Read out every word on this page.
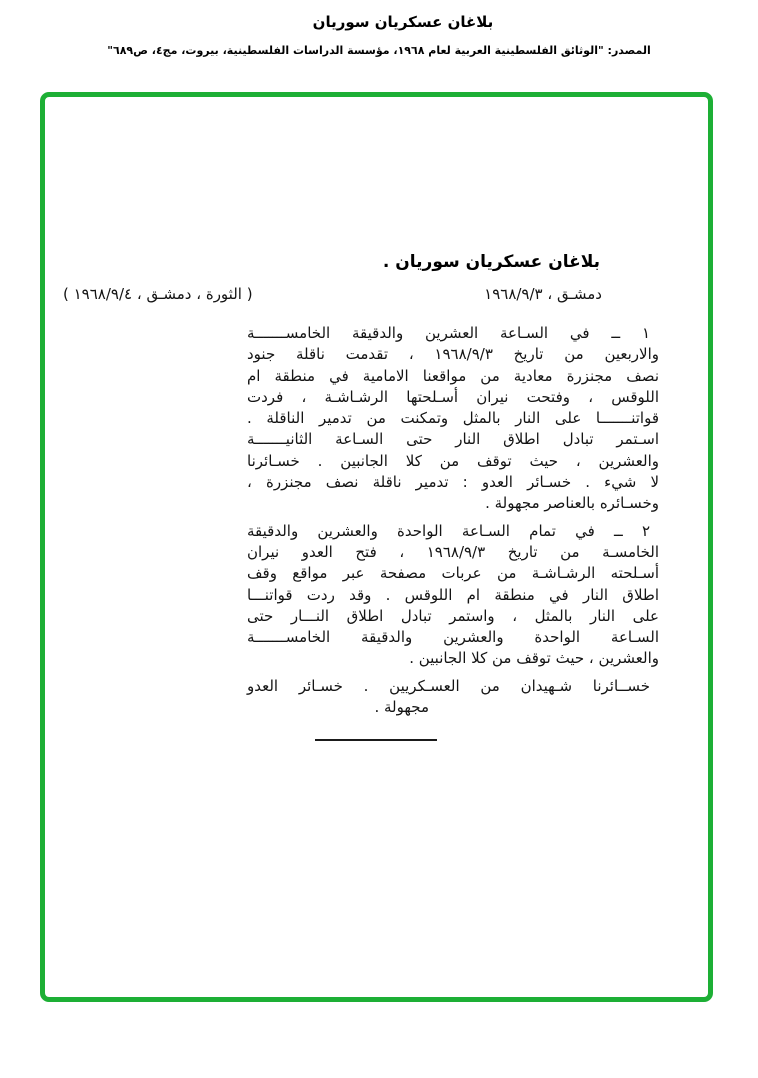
بلاغان عسكريان سوريان
المصدر: "الوثائق الفلسطينية العربية لعام ١٩٦٨، مؤسسة الدراسات الفلسطينية، بيروت، مج٤، ص٦٨٩"
بلاغان عسكريان سوريان .
دمشـق ، ١٩٦٨/٩/٣
( الثورة ، دمشـق ، ١٩٦٨/٩/٤ )
١ ــ في السـاعة العشرين والدقيقة الخامســـــــة
والاربعين من تاريخ ١٩٦٨/٩/٣ ، تقدمت ناقلة جنود
نصف مجنزرة معادية من مواقعنا الامامية في منطقة ام
اللوقس ، وفتحت نيران أسـلحتها الرشـاشـة ، فردت
قواتنـــــــا على النار بالمثل وتمكنت من تدمير الناقلة .
اسـتمر تبادل اطلاق النار حتى السـاعة الثانيـــــــة
والعشرين ، حيث توقف من كلا الجانبين . خسـائرنا
لا شيء . خسـائر العدو : تدمير ناقلة نصف مجنزرة ،
وخسـائره بالعناصر مجهولة .
٢ ــ في تمام السـاعة الواحدة والعشرين والدقيقة
الخامسـة من تاريخ ١٩٦٨/٩/٣ ، فتح العدو نيران
أسـلحته الرشـاشـة من عربات مصفحة عبر مواقع وقف
اطلاق النار في منطقة ام اللوقس . وقد ردت قواتنـــا
على النار بالمثل ، واستمر تبادل اطلاق النـــار حتى
السـاعة الواحدة والعشرين والدقيقة الخامســـــــة
والعشرين ، حيث توقف من كلا الجانبين .
خســائرنا شـهيدان من العسـكريين . خسـائر العدو
مجهولة .
